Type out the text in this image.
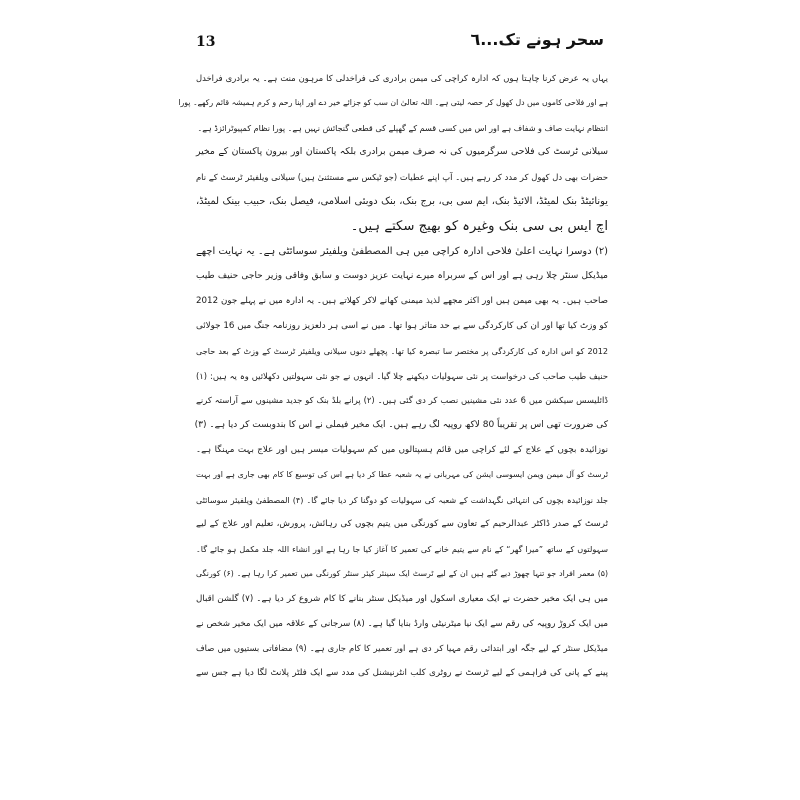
13	سحر ہونے تک...٦
یہاں یہ عرض کرنا چاہتا ہوں کہ ادارہ کراچی کی میمن برادری کی فراخدلی کا مرہون منت ہے۔ یہ برادری فراخدل
ہے اور فلاحی کاموں میں دل کھول کر حصہ لیتی ہے۔ اللہ تعالیٰ ان سب کو جزائے خیر دے اور اپنا رحم و کرم ہمیشہ قائم رکھے۔ پورا
انتظام نہایت صاف و شفاف ہے اور اس میں کسی قسم کے گھپلے کی قطعی گنجائش نہیں ہے۔ پورا نظام کمپیوٹرائزڈ ہے۔
سیلانی ٹرسٹ کی فلاحی سرگرمیوں کی نہ صرف میمن برادری بلکہ پاکستان اور بیرون پاکستان کے مخیر
حضرات بھی دل کھول کر مدد کر رہے ہیں۔ آپ اپنے عطیات (جو ٹیکس سے مستثنیٰ ہیں) سیلانی ویلفیئر ٹرسٹ کے نام
یونائیٹڈ بنک لمیٹڈ، الائیڈ بنک، ایم سی بی، برج بنک، بنک دوبئی اسلامی، فیصل بنک، حبیب بینک لمیٹڈ،
اچ ایس بی سی بنک وغیرہ کو بھیج سکتے ہیں۔
(۲) دوسرا نہایت اعلیٰ فلاحی ادارہ کراچی میں ہی المصطفیٰ ویلفیئر سوسائٹی ہے۔ یہ نہایت اچھے
میڈیکل سنٹر چلا رہی ہے اور اس کے سربراہ میرے نہایت عزیز دوست و سابق وفاقی وزیر حاجی حنیف طیب
صاحب ہیں۔ یہ بھی میمن ہیں اور اکثر مجھے لذیذ میمنی کھانے لاکر کھلاتے ہیں۔ یہ ادارہ میں نے پہلے جون 2012
کو وزٹ کیا تھا اور ان کی کارکردگی سے بے حد متاثر ہوا تھا۔ میں نے اسی ہر دلعزیز روزنامہ جنگ میں 16 جولائی
2012 کو اس ادارہ کی کارکردگی پر مختصر سا تبصرہ کیا تھا۔ پچھلے دنوں سیلانی ویلفیئر ٹرسٹ کے وزٹ کے بعد حاجی
حنیف طیب صاحب کی درخواست پر نئی سہولیات دیکھنے چلا گیا۔ انہوں نے جو نئی سہولتیں دکھلائیں وہ یہ ہیں: (۱)
ڈائلیسس سیکشن میں 6 عدد نئی مشینیں نصب کر دی گئی ہیں۔ (۲) پرانے بلڈ بنک کو جدید مشینوں سے آراستہ کرنے
کی ضرورت تھی اس پر تقریباً 80 لاکھ روپیہ لگ رہے ہیں۔ ایک مخیر فیملی نے اس کا بندوبست کر دیا ہے۔ (۳)
نوزائیدہ بچوں کے علاج کے لئے کراچی میں قائم ہسپتالوں میں کم سہولیات میسر ہیں اور علاج بہت مہنگا ہے۔
ٹرسٹ کو آل میمن ویمن ایسوسی ایشن کی مہربانی نے یہ شعبہ عطا کر دیا ہے اس کی توسیع کا کام بھی جاری ہے اور بہت
جلد نوزائیدہ بچوں کی انتہائی نگہداشت کے شعبہ کی سہولیات کو دوگنا کر دیا جائے گا۔ (۴) المصطفیٰ ویلفیئر سوسائٹی
ٹرسٹ کے صدر ڈاکٹر عبدالرحیم کے تعاون سے کورنگی میں یتیم بچوں کی رہائش، پرورش، تعلیم اور علاج کے لیے
سہولتوں کے ساتھ ”میرا گھر“ کے نام سے یتیم خانے کی تعمیر کا آغاز کیا جا رہا ہے اور انشاء اللہ جلد مکمل ہو جائے گا۔
(۵) معمر افراد جو تنہا چھوڑ دیے گئے ہیں ان کے لیے ٹرسٹ ایک سینئر کیئر سنٹر کورنگی میں تعمیر کرا رہا ہے۔ (۶) کورنگی
میں ہی ایک مخیر حضرت نے ایک معیاری اسکول اور میڈیکل سنٹر بنانے کا کام شروع کر دیا ہے۔ (۷) گلشن اقبال
میں ایک کروڑ روپیہ کی رقم سے ایک نیا میٹرنیٹی وارڈ بنایا گیا ہے۔ (۸) سرجانی کے علاقہ میں ایک مخیر شخص نے
میڈیکل سنٹر کے لیے جگہ اور ابتدائی رقم مہیا کر دی ہے اور تعمیر کا کام جاری ہے۔ (۹) مضافاتی بستیوں میں صاف
پینے کے پانی کی فراہمی کے لیے ٹرسٹ نے روٹری کلب انٹرنیشنل کی مدد سے ایک فلٹر پلانٹ لگا دیا ہے جس سے
